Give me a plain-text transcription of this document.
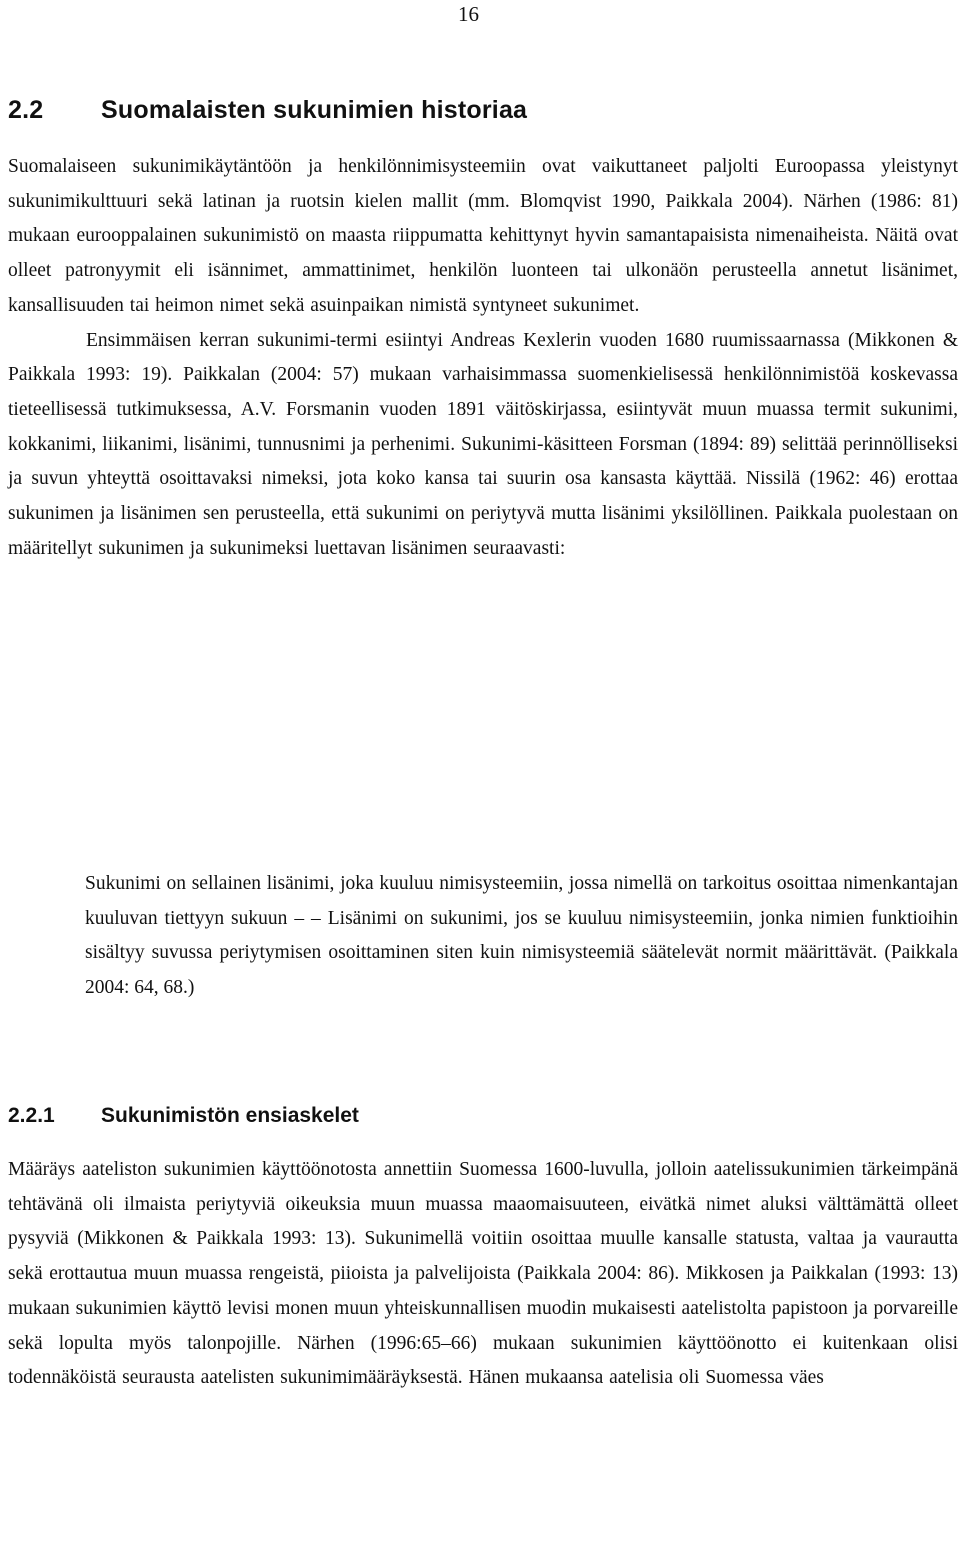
16
2.2 Suomalaisten sukunimien historiaa

Suomalaiseen sukunimikäytäntöön ja henkilönnimisysteemiin ovat vaikuttaneet paljolti Euroopassa yleistynyt sukunimikulttuuri sekä latinan ja ruotsin kielen mallit (mm. Blomqvist 1990, Paikkala 2004). Närhen (1986: 81) mukaan eurooppalainen sukunimistö on maasta riippumatta kehittynyt hyvin samantapaisista nimenaiheista. Näitä ovat olleet patronyymit eli isännimet, ammattinimet, henkilön luonteen tai ulkonäön perusteella annetut lisänimet, kansallisuuden tai heimon nimet sekä asuinpaikan nimistä syntyneet sukunimet.

Ensimmäisen kerran sukunimi-termi esiintyi Andreas Kexlerin vuoden 1680 ruumissaarnassa (Mikkonen & Paikkala 1993: 19). Paikkalan (2004: 57) mukaan varhaisimmassa suomenkielisessä henkilönnimistöä koskevassa tieteellisessä tutkimuksessa, A.V. Forsmanin vuoden 1891 väitöskirjassa, esiintyvät muun muassa termit sukunimi, kokkanimi, liikanimi, lisänimi, tunnusnimi ja perhenimi. Sukunimi-käsitteen Forsman (1894: 89) selittää perinnölliseksi ja suvun yhteyttä osoittavaksi nimeksi, jota koko kansa tai suurin osa kansasta käyttää. Nissilä (1962: 46) erottaa sukunimen ja lisänimen sen perusteella, että sukunimi on periytyvä mutta lisänimi yksilöllinen. Paikkala puolestaan on määritellyt sukunimen ja sukunimeksi luettavan lisänimen seuraavasti:

Sukunimi on sellainen lisänimi, joka kuuluu nimisysteemiin, jossa nimellä on tarkoitus osoittaa nimenkantajan kuuluvan tiettyyn sukuun – – Lisänimi on sukunimi, jos se kuuluu nimisysteemiin, jonka nimien funktioihin sisältyy suvussa periytymisen osoittaminen siten kuin nimisysteemiä säätelevät normit määrittävät. (Paikkala 2004: 64, 68.)

2.2.1 Sukunimistön ensiaskelet

Määräys aateliston sukunimien käyttöönotosta annettiin Suomessa 1600-luvulla, jolloin aatelissukunimien tärkeimpänä tehtävänä oli ilmaista periytyviä oikeuksia muun muassa maaomaisuuteen, eivätkä nimet aluksi välttämättä olleet pysyviä (Mikkonen & Paikkala 1993: 13). Sukunimellä voitiin osoittaa muulle kansalle statusta, valtaa ja vaurautta sekä erottautua muun muassa rengeistä, piioista ja palvelijoista (Paikkala 2004: 86). Mikkosen ja Paikkalan (1993: 13) mukaan sukunimien käyttö levisi monen muun yhteiskunnallisen muodin mukaisesti aatelistolta papistoon ja porvareille sekä lopulta myös talonpojille. Närhen (1996:65–66) mukaan sukunimien käyttöönotto ei kuitenkaan olisi todennäköistä seurausta aatelisten sukunimimääräyksestä. Hänen mukaansa aatelisia oli Suomessa väes
